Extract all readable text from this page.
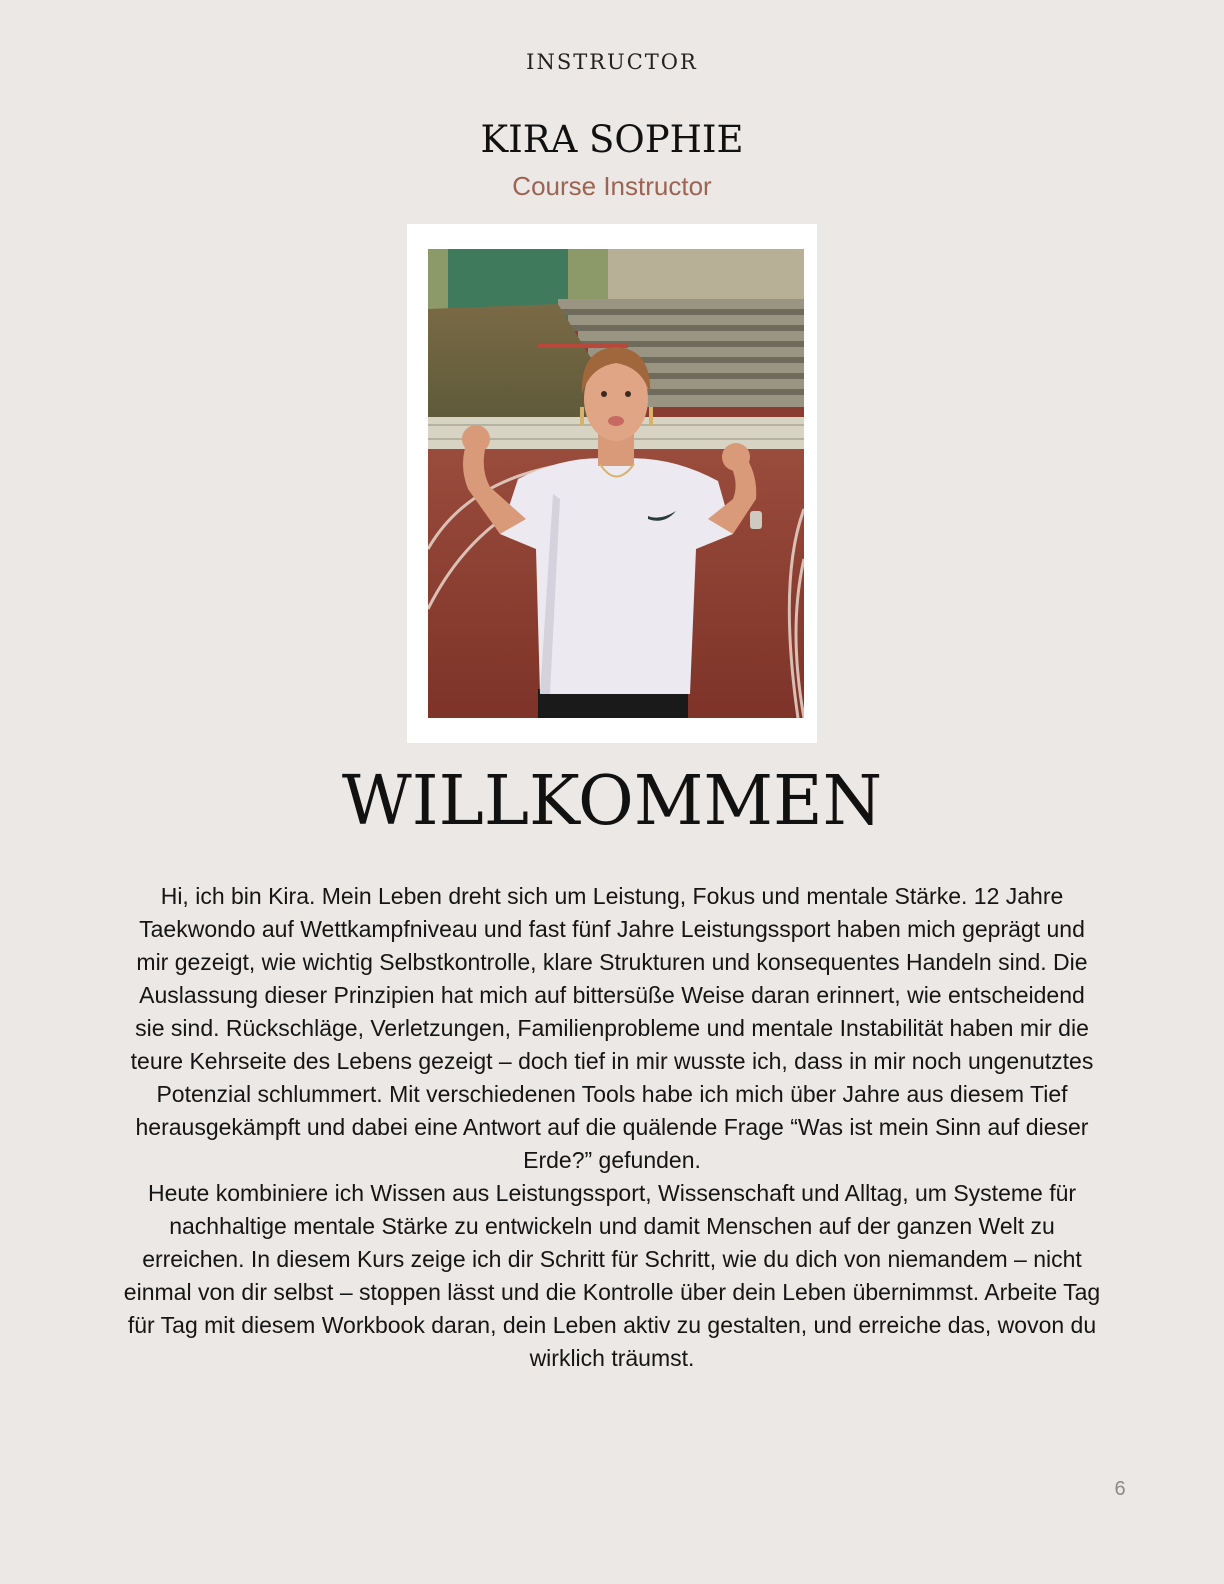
INSTRUCTOR
KIRA SOPHIE
Course Instructor
WILLKOMMEN

Hi, ich bin Kira. Mein Leben dreht sich um Leistung, Fokus und mentale Stärke. 12 Jahre Taekwondo auf Wettkampfniveau und fast fünf Jahre Leistungssport haben mich geprägt und mir gezeigt, wie wichtig Selbstkontrolle, klare Strukturen und konsequentes Handeln sind. Die Auslassung dieser Prinzipien hat mich auf bittersüße Weise daran erinnert, wie entscheidend sie sind. Rückschläge, Verletzungen, Familienprobleme und mentale Instabilität haben mir die teure Kehrseite des Lebens gezeigt – doch tief in mir wusste ich, dass in mir noch ungenutztes Potenzial schlummert. Mit verschiedenen Tools habe ich mich über Jahre aus diesem Tief herausgekämpft und dabei eine Antwort auf die quälende Frage “Was ist mein Sinn auf dieser Erde?” gefunden.

Heute kombiniere ich Wissen aus Leistungssport, Wissenschaft und Alltag, um Systeme für nachhaltige mentale Stärke zu entwickeln und damit Menschen auf der ganzen Welt zu erreichen. In diesem Kurs zeige ich dir Schritt für Schritt, wie du dich von niemandem – nicht einmal von dir selbst – stoppen lässt und die Kontrolle über dein Leben übernimmst. Arbeite Tag für Tag mit diesem Workbook daran, dein Leben aktiv zu gestalten, und erreiche das, wovon du wirklich träumst.

6
